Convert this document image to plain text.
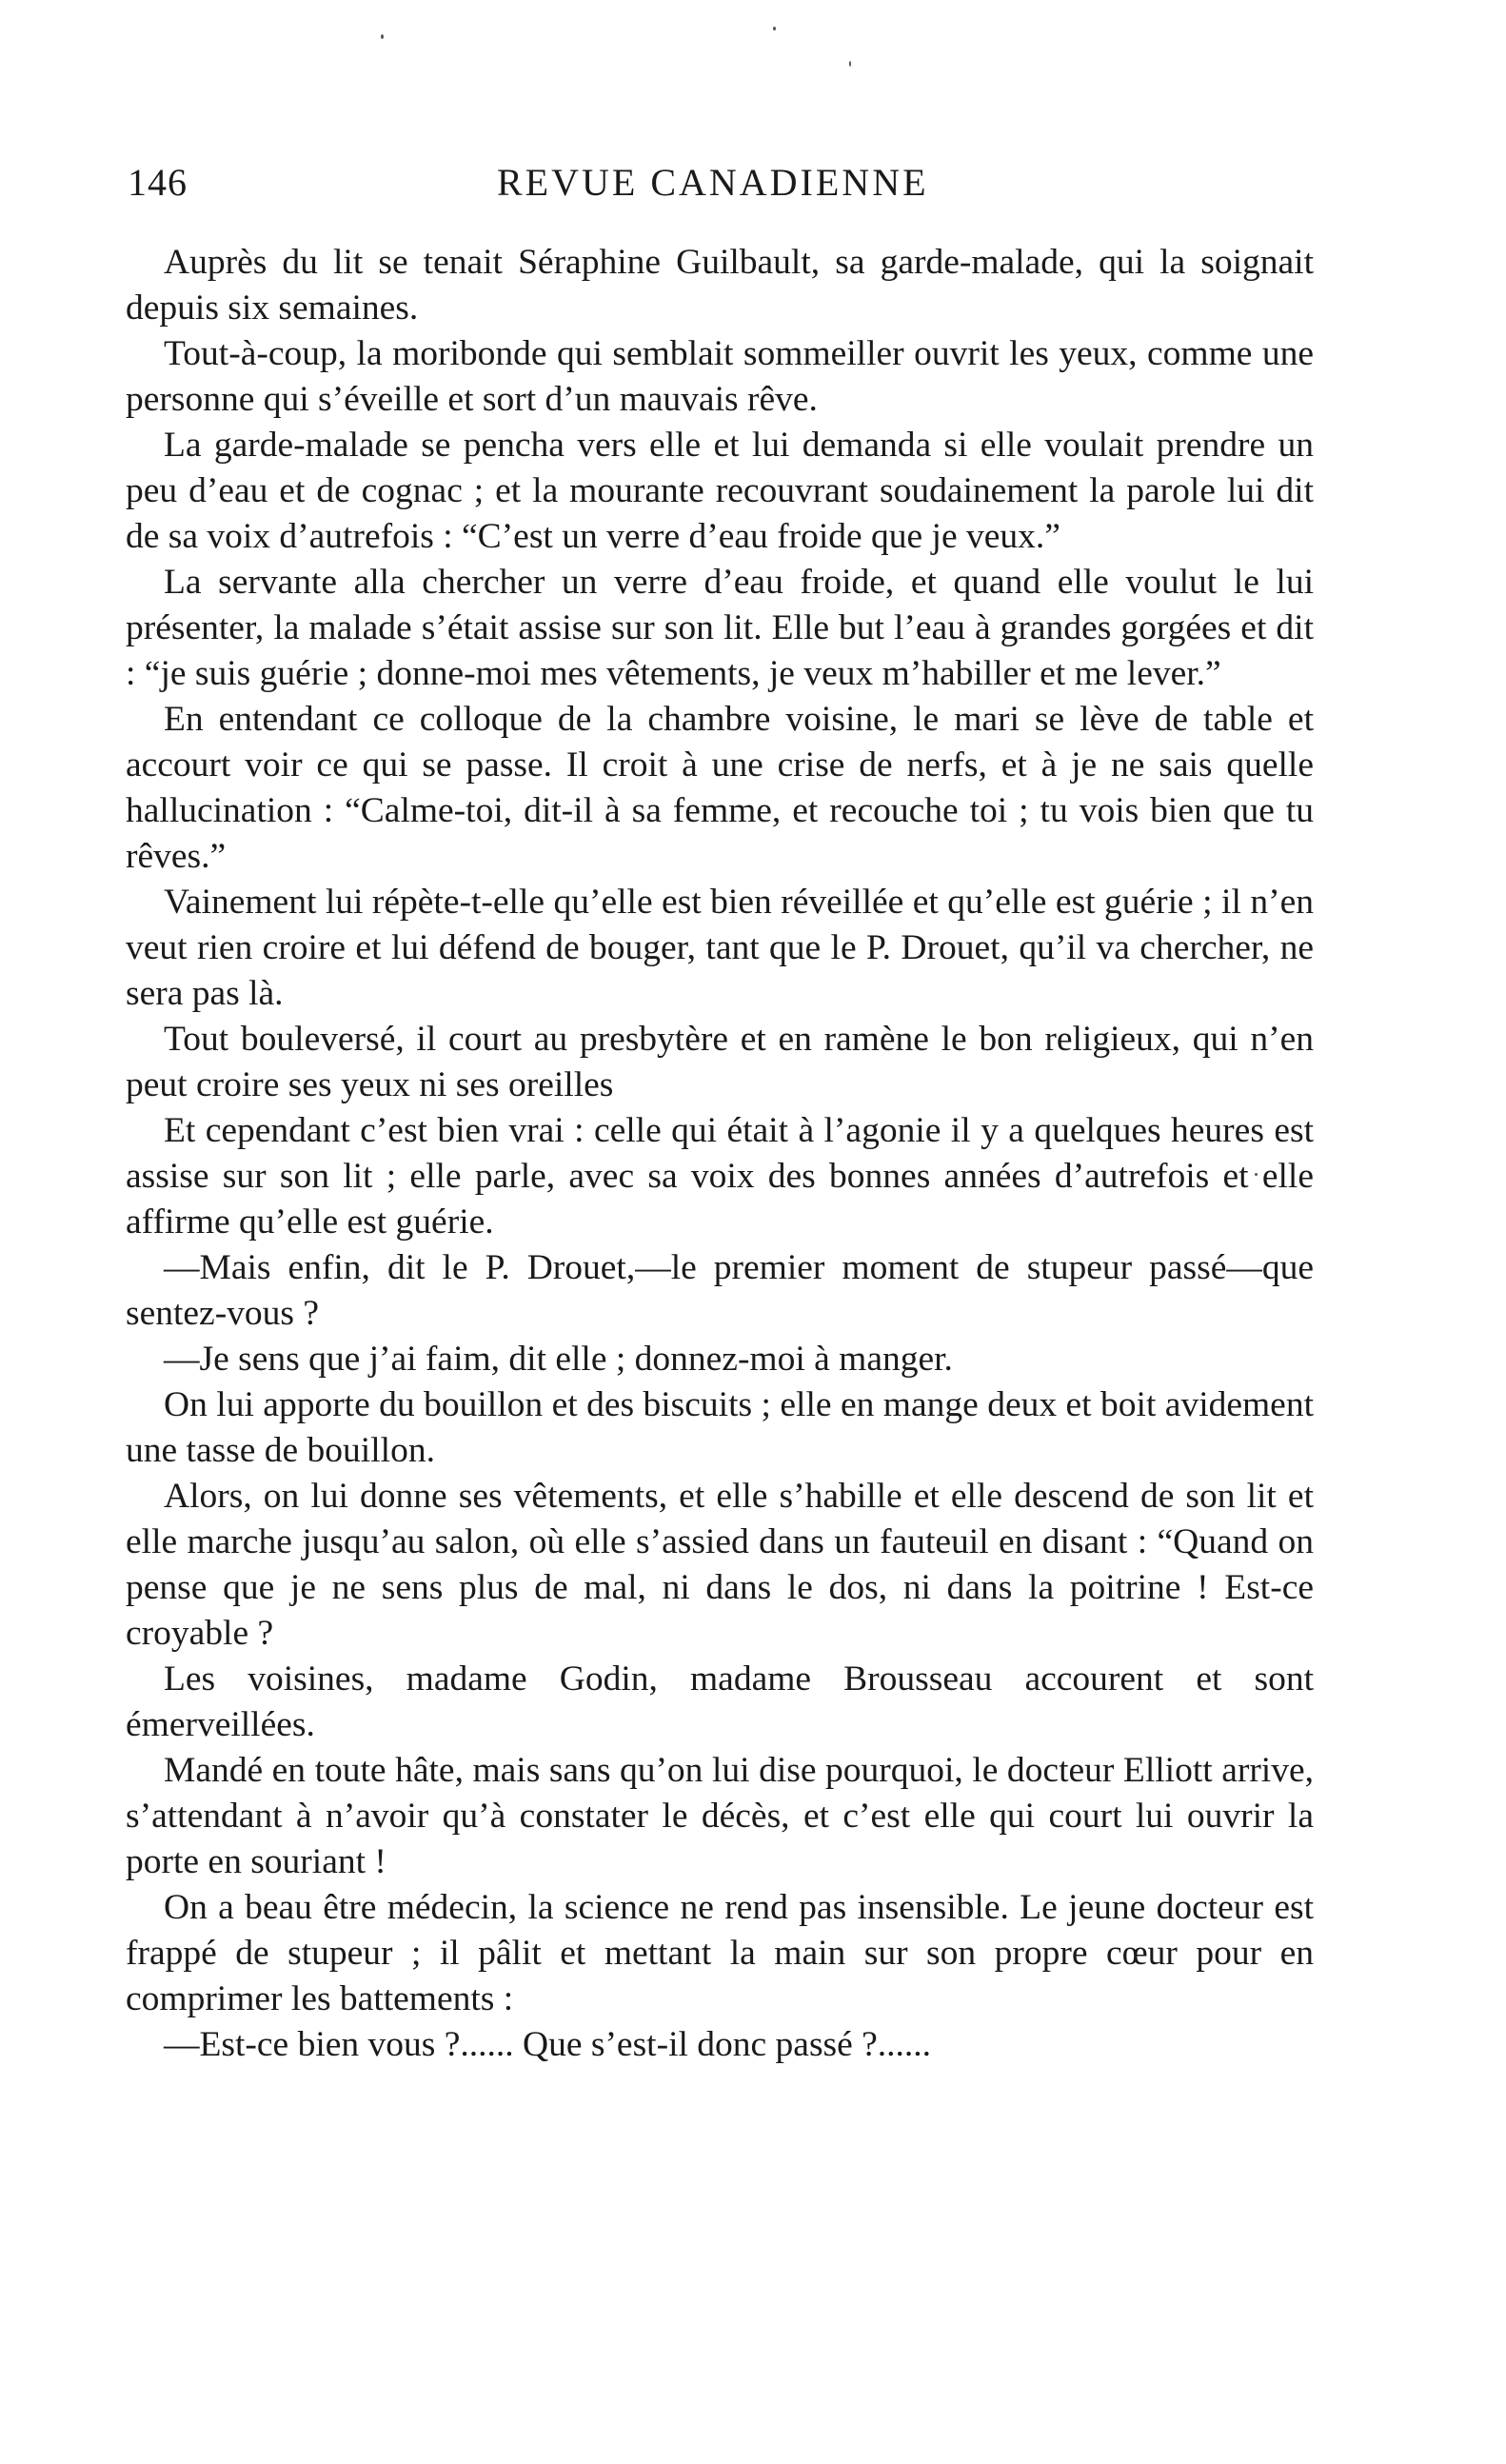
146	REVUE CANADIENNE

Auprès du lit se tenait Séraphine Guilbault, sa garde-malade, qui la soignait depuis six semaines.

Tout-à-coup, la moribonde qui semblait sommeiller ouvrit les yeux, comme une personne qui s’éveille et sort d’un mauvais rêve.

La garde-malade se pencha vers elle et lui demanda si elle voulait prendre un peu d’eau et de cognac ; et la mourante recouvrant soudainement la parole lui dit de sa voix d’autrefois : “C’est un verre d’eau froide que je veux.”

La servante alla chercher un verre d’eau froide, et quand elle voulut le lui présenter, la malade s’était assise sur son lit. Elle but l’eau à grandes gorgées et dit : “je suis guérie ; donne-moi mes vêtements, je veux m’habiller et me lever.”

En entendant ce colloque de la chambre voisine, le mari se lève de table et accourt voir ce qui se passe. Il croit à une crise de nerfs, et à je ne sais quelle hallucination : “Calme-toi, dit-il à sa femme, et recouche toi ; tu vois bien que tu rêves.”

Vainement lui répète-t-elle qu’elle est bien réveillée et qu’elle est guérie ; il n’en veut rien croire et lui défend de bouger, tant que le P. Drouet, qu’il va chercher, ne sera pas là.

Tout bouleversé, il court au presbytère et en ramène le bon religieux, qui n’en peut croire ses yeux ni ses oreilles

Et cependant c’est bien vrai : celle qui était à l’agonie il y a quelques heures est assise sur son lit ; elle parle, avec sa voix des bonnes années d’autrefois et elle affirme qu’elle est guérie.

—Mais enfin, dit le P. Drouet,—le premier moment de stupeur passé—que sentez-vous ?

—Je sens que j’ai faim, dit elle ; donnez-moi à manger.

On lui apporte du bouillon et des biscuits ; elle en mange deux et boit avidement une tasse de bouillon.

Alors, on lui donne ses vêtements, et elle s’habille et elle descend de son lit et elle marche jusqu’au salon, où elle s’assied dans un fauteuil en disant : “Quand on pense que je ne sens plus de mal, ni dans le dos, ni dans la poitrine ! Est-ce croyable ?

Les voisines, madame Godin, madame Brousseau accourent et sont émerveillées.

Mandé en toute hâte, mais sans qu’on lui dise pourquoi, le docteur Elliott arrive, s’attendant à n’avoir qu’à constater le décès, et c’est elle qui court lui ouvrir la porte en souriant !

On a beau être médecin, la science ne rend pas insensible. Le jeune docteur est frappé de stupeur ; il pâlit et mettant la main sur son propre cœur pour en comprimer les battements :

—Est-ce bien vous ?...... Que s’est-il donc passé ?......
